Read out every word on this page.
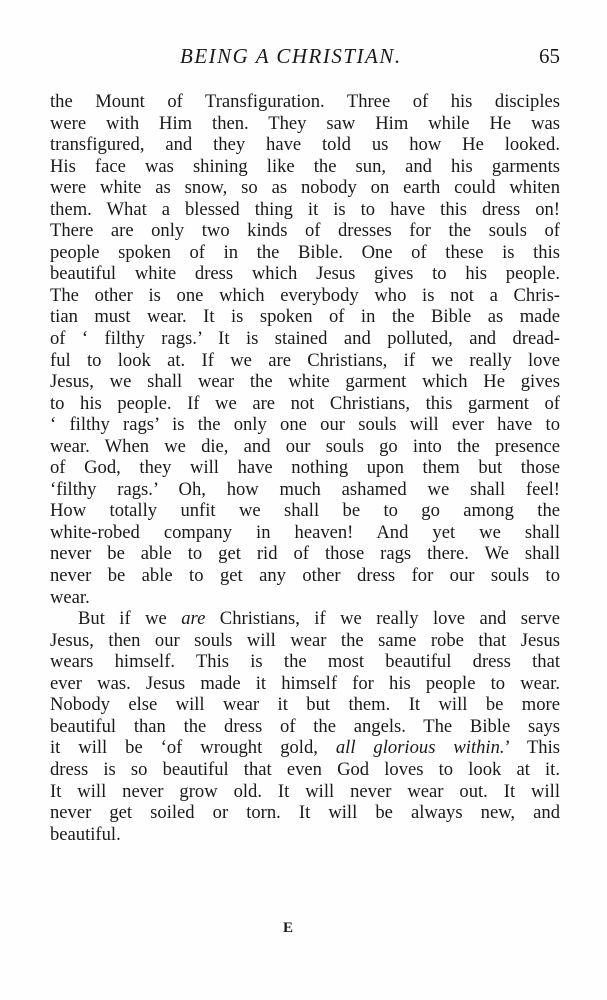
BEING A CHRISTIAN.	65
the Mount of Transfiguration. Three of his disciples
were with Him then. They saw Him while He was
transfigured, and they have told us how He looked.
His face was shining like the sun, and his garments
were white as snow, so as nobody on earth could whiten
them. What a blessed thing it is to have this dress on!
There are only two kinds of dresses for the souls of
people spoken of in the Bible. One of these is this
beautiful white dress which Jesus gives to his people.
The other is one which everybody who is not a Chris-
tian must wear. It is spoken of in the Bible as made
of ‘ filthy rags.’ It is stained and polluted, and dread-
ful to look at. If we are Christians, if we really love
Jesus, we shall wear the white garment which He gives
to his people. If we are not Christians, this garment of
‘ filthy rags’ is the only one our souls will ever have to
wear. When we die, and our souls go into the presence
of God, they will have nothing upon them but those
‘filthy rags.’ Oh, how much ashamed we shall feel!
How totally unfit we shall be to go among the
white-robed company in heaven! And yet we shall
never be able to get rid of those rags there. We shall
never be able to get any other dress for our souls to
wear.
But if we are Christians, if we really love and serve
Jesus, then our souls will wear the same robe that Jesus
wears himself. This is the most beautiful dress that
ever was. Jesus made it himself for his people to wear.
Nobody else will wear it but them. It will be more
beautiful than the dress of the angels. The Bible says
it will be ‘of wrought gold, all glorious within.’ This
dress is so beautiful that even God loves to look at it.
It will never grow old. It will never wear out. It will
never get soiled or torn. It will be always new, and
beautiful.
E
